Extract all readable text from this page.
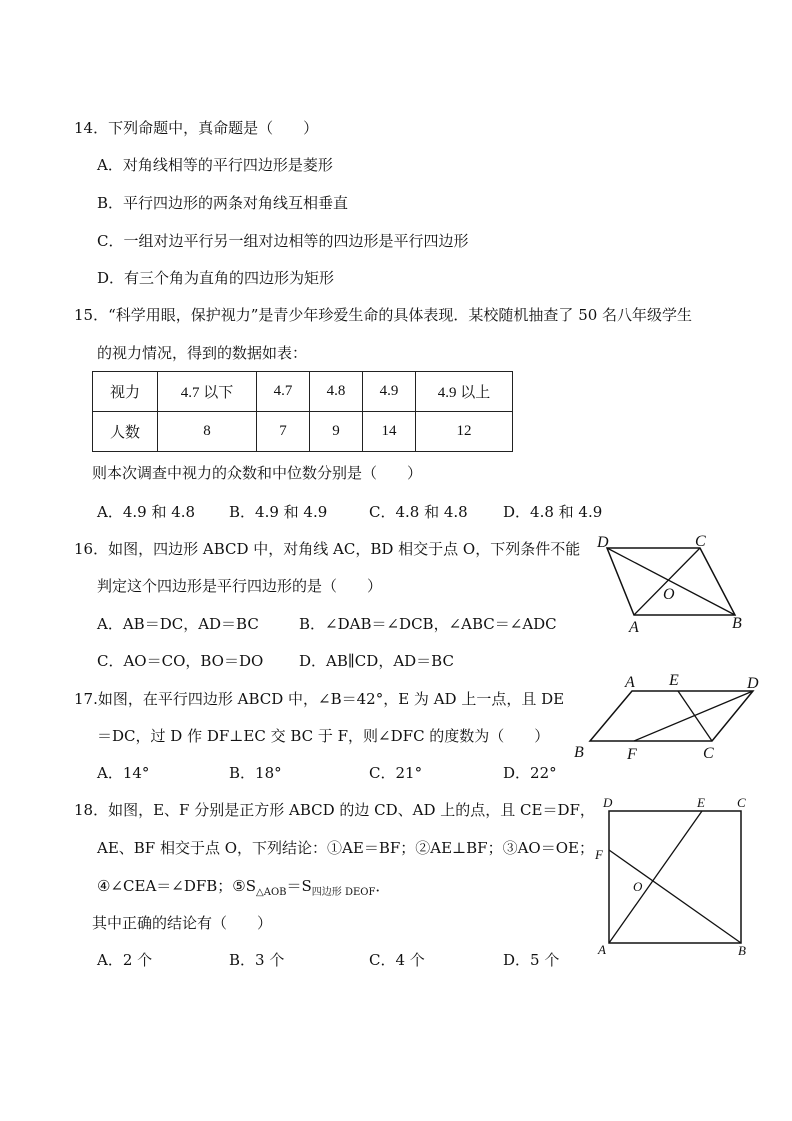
14．下列命题中，真命题是（　　）
A．对角线相等的平行四边形是菱形
B．平行四边形的两条对角线互相垂直
C．一组对边平行另一组对边相等的四边形是平行四边形
D．有三个角为直角的四边形为矩形
15．“科学用眼，保护视力”是青少年珍爱生命的具体表现．某校随机抽查了 50 名八年级学生
的视力情况，得到的数据如表：
视力	4.7 以下	4.7	4.8	4.9	4.9 以上
人数	8	7	9	14	12
则本次调查中视力的众数和中位数分别是（　　）
A．4.9 和 4.8 B．4.9 和 4.9	C．4.8 和 4.8 D．4.8 和 4.9
16．如图，四边形 ABCD 中，对角线 AC，BD 相交于点 O，下列条件不能
判定这个四边形是平行四边形的是（　　）
A．AB＝DC，AD＝BC	B．∠DAB＝∠DCB，∠ABC＝∠ADC
C．AO＝CO，BO＝DO D．AB∥CD，AD＝BC
D	C
O
A	B
17.如图，在平行四边形 ABCD 中，∠B＝42°，E 为 AD 上一点，且 DE
＝DC，过 D 作 DF⊥EC 交 BC 于 F，则∠DFC 的度数为（　　）
A．14°	B．18°	C．21°	D．22°
A E	D
B	F	C
18．如图，E、F 分别是正方形 ABCD 的边 CD、AD 上的点，且 CE＝DF，
AE、BF 相交于点 O，下列结论：①AE＝BF；②AE⊥BF；③AO＝OE；
④∠CEA＝∠DFB；$⑤S_{\triangle AOB}=S_{四边形 DEOF}$．
其中正确的结论有（　　）
A．2 个	B．3 个	C．4 个	D．5 个
D	E C
F
O
A	B
